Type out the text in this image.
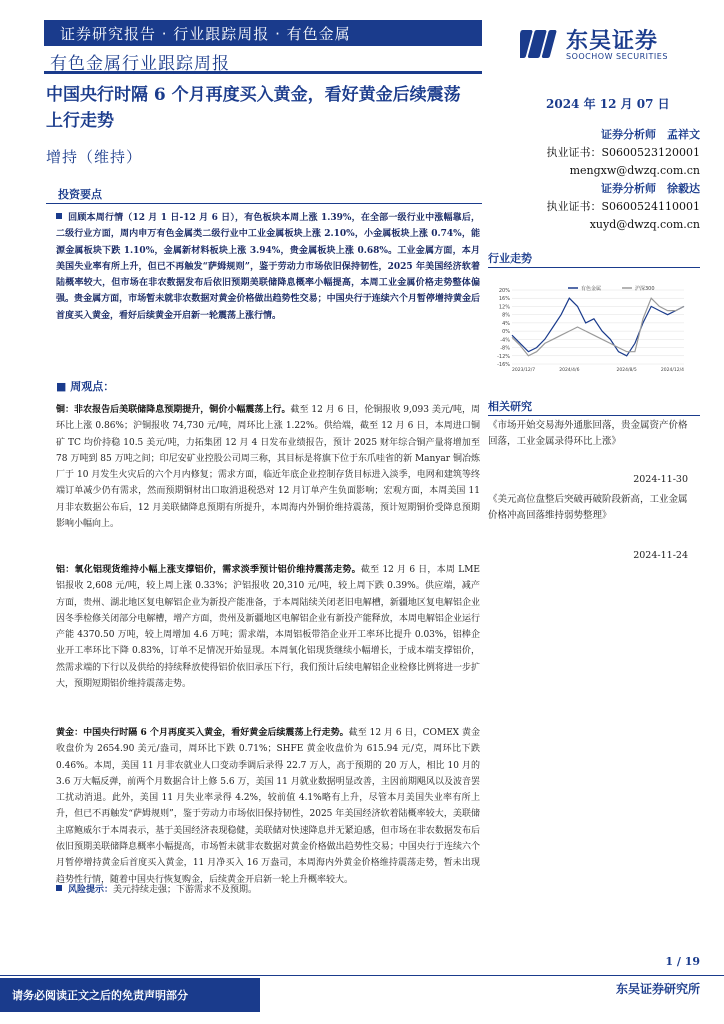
证券研究报告 · 行业跟踪周报 · 有色金属
有色金属行业跟踪周报
东吴证券
SOOCHOW SECURITIES
中国央行时隔 6 个月再度买入黄金，看好黄金后续震荡上行走势
2024 年 12 月 07 日
增持（维持）
证券分析师　孟祥文
执业证书：S0600523120001
mengxw@dwzq.com.cn
证券分析师　徐毅达
执业证书：S0600524110001
xuyd@dwzq.com.cn
投资要点
回顾本周行情（12 月 1 日-12 月 6 日），有色板块本周上涨 1.39%，在全部一级行业中涨幅靠后，二级行业方面，周内申万有色金属类二级行业中工业金属板块上涨 2.10%，小金属板块上涨 0.74%，能源金属板块下跌 1.10%，金属新材料板块上涨 3.94%，贵金属板块上涨 0.68%。工业金属方面，本月美国失业率有所上升，但已不再触发“萨姆规则”，鉴于劳动力市场依旧保持韧性，2025 年美国经济软着陆概率较大，但市场在非农数据发布后依旧预期美联储降息概率小幅提高，本周工业金属价格走势整体偏强。贵金属方面，市场暂未就非农数据对黄金价格做出趋势性交易；中国央行于连续六个月暂停增持黄金后首度买入黄金，看好后续黄金开启新一轮震荡上涨行情。
■ 周观点：
铜：非农报告后美联储降息预期提升，铜价小幅震荡上行。截至 12 月 6 日，伦铜报收 9,093 美元/吨，周环比上涨 0.86%；沪铜报收 74,730 元/吨，周环比上涨 1.22%。供给端，截至 12 月 6 日，本周进口铜矿 TC 均价持稳 10.5 美元/吨，力拓集团 12 月 4 日发布业绩报告，预计 2025 财年综合铜产量将增加至 78 万吨到 85 万吨之间；印尼安矿业控股公司周三称，其目标是将旗下位于东爪哇省的新 Manyar 铜冶炼厂于 10 月发生火灾后的六个月内修复；需求方面，临近年底企业控制存货目标进入淡季，电网和建筑等终端订单减少仍有需求，然而预期铜材出口取消退税恐对 12 月订单产生负面影响；宏观方面，本周美国 11 月非农数据公布后，12 月美联储降息预期有所提升，本周海内外铜价维持震荡，预计短期铜价受降息预期影响小幅向上。
铝：氧化铝现货维持小幅上涨支撑铝价，需求淡季预计铝价维持震荡走势。截至 12 月 6 日，本周 LME 铝报收 2,608 元/吨，较上周上涨 0.33%；沪铝报收 20,310 元/吨，较上周下跌 0.39%。供应端，减产方面，贵州、湖北地区复电解铝企业为新投产能准备，于本周陆续关闭老旧电解槽，新疆地区复电解铝企业因冬季检修关闭部分电解槽，增产方面，贵州及新疆地区电解铝企业有新投产能释放，本周电解铝企业运行产能 4370.50 万吨，较上周增加 4.6 万吨；需求端，本周铝板带箔企业开工率环比提升 0.03%，铝棒企业开工率环比下降 0.83%，订单不足情况开始显现。本周氧化铝现货继续小幅增长，于成本端支撑铝价，然需求端的下行以及供给的持续释放使得铝价依旧承压下行，我们预计后续电解铝企业检修比例将进一步扩大，预期短期铝价维持震荡走势。
黄金：中国央行时隔 6 个月再度买入黄金，看好黄金后续震荡上行走势。截至 12 月 6 日，COMEX 黄金收盘价为 2654.90 美元/盎司，周环比下跌 0.71%；SHFE 黄金收盘价为 615.94 元/克，周环比下跌 0.46%。本周，美国 11 月非农就业人口变动季调后录得 22.7 万人，高于预期的 20 万人，相比 10 月的 3.6 万大幅反弹，前两个月数据合计上修 5.6 万，美国 11 月就业数据明显改善，主因前期飓风以及波音罢工扰动消退。此外，美国 11 月失业率录得 4.2%，较前值 4.1%略有上升，尽管本月美国失业率有所上升，但已不再触发“萨姆规则”，鉴于劳动力市场依旧保持韧性，2025 年美国经济软着陆概率较大，美联储主席鲍威尔于本周表示，基于美国经济表现稳健，美联储对快速降息并无紧迫感，但市场在非农数据发布后依旧预期美联储降息概率小幅提高，市场暂未就非农数据对黄金价格做出趋势性交易；中国央行于连续六个月暂停增持黄金后首度买入黄金，11 月净买入 16 万盎司，本周海内外黄金价格维持震荡走势，暂未出现趋势性行情，随着中国央行恢复购金，后续黄金开启新一轮上升概率较大。
风险提示：美元持续走强；下游需求不及预期。
行业走势
20%
16%
12%
8%
4%
0%
-4%
-8%
-12%
-16%
2023/12/7	2024/4/6	2024/8/5	2024/12/4
有色金属	沪深300
相关研究
《市场开始交易海外通胀回落，贵金属资产价格回落，工业金属录得环比上涨》
2024-11-30
《美元高位盘整后突破再破阶段新高，工业金属价格冲高回落维持弱势整理》
2024-11-24
1 / 19
请务必阅读正文之后的免责声明部分	东吴证券研究所
